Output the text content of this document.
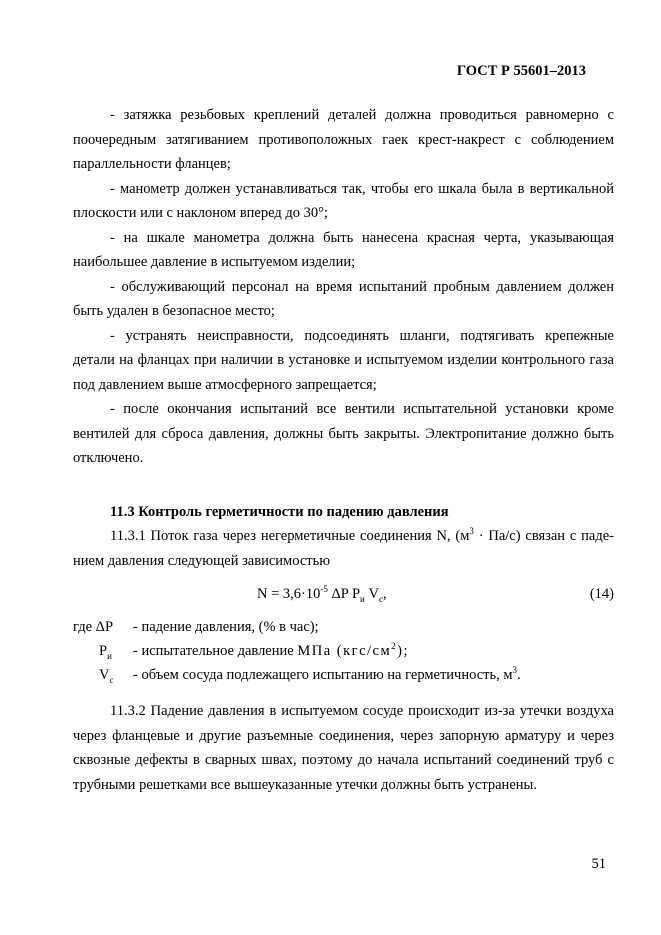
ГОСТ Р 55601–2013

- затяжка резьбовых креплений деталей должна проводиться равномерно с поочередным затягиванием противоположных гаек крест-накрест с соблюдением параллельности фланцев;

- манометр должен устанавливаться так, чтобы его шкала была в вертикальной плоскости или с наклоном вперед до 30°;

- на шкале манометра должна быть нанесена красная черта, указывающая наибольшее давление в испытуемом изделии;

- обслуживающий персонал на время испытаний пробным давлением должен быть удален в безопасное место;

- устранять неисправности, подсоединять шланги, подтягивать крепежные детали на фланцах при наличии в установке и испытуемом изделии контрольного газа под давлением выше атмосферного запрещается;

- после окончания испытаний все вентили испытательной установки кроме вентилей для сброса давления, должны быть закрыты. Электропитание должно быть отключено.

11.3 Контроль герметичности по падению давления

11.3.1 Поток газа через негерметичные соединения N, $(м^3 \cdot Па/с)$ связан с паде-нием давления следующей зависимостью

$N = 3,6\cdot 10^{-5}$ ΔP $P_и$ $V_с$,	(14)
где ΔP	- падение давления, (% в час);
$P_и$	- испытательное давление МПа $(кгс/см^2)$;
$V_с$	- объем сосуда подлежащего испытанию на герметичность, $м^3$.

11.3.2 Падение давления в испытуемом сосуде происходит из-за утечки воздуха через фланцевые и другие разъемные соединения, через запорную арматуру и через сквозные дефекты в сварных швах, поэтому до начала испытаний соединений труб с трубными решетками все вышеуказанные утечки должны быть устранены.

51
